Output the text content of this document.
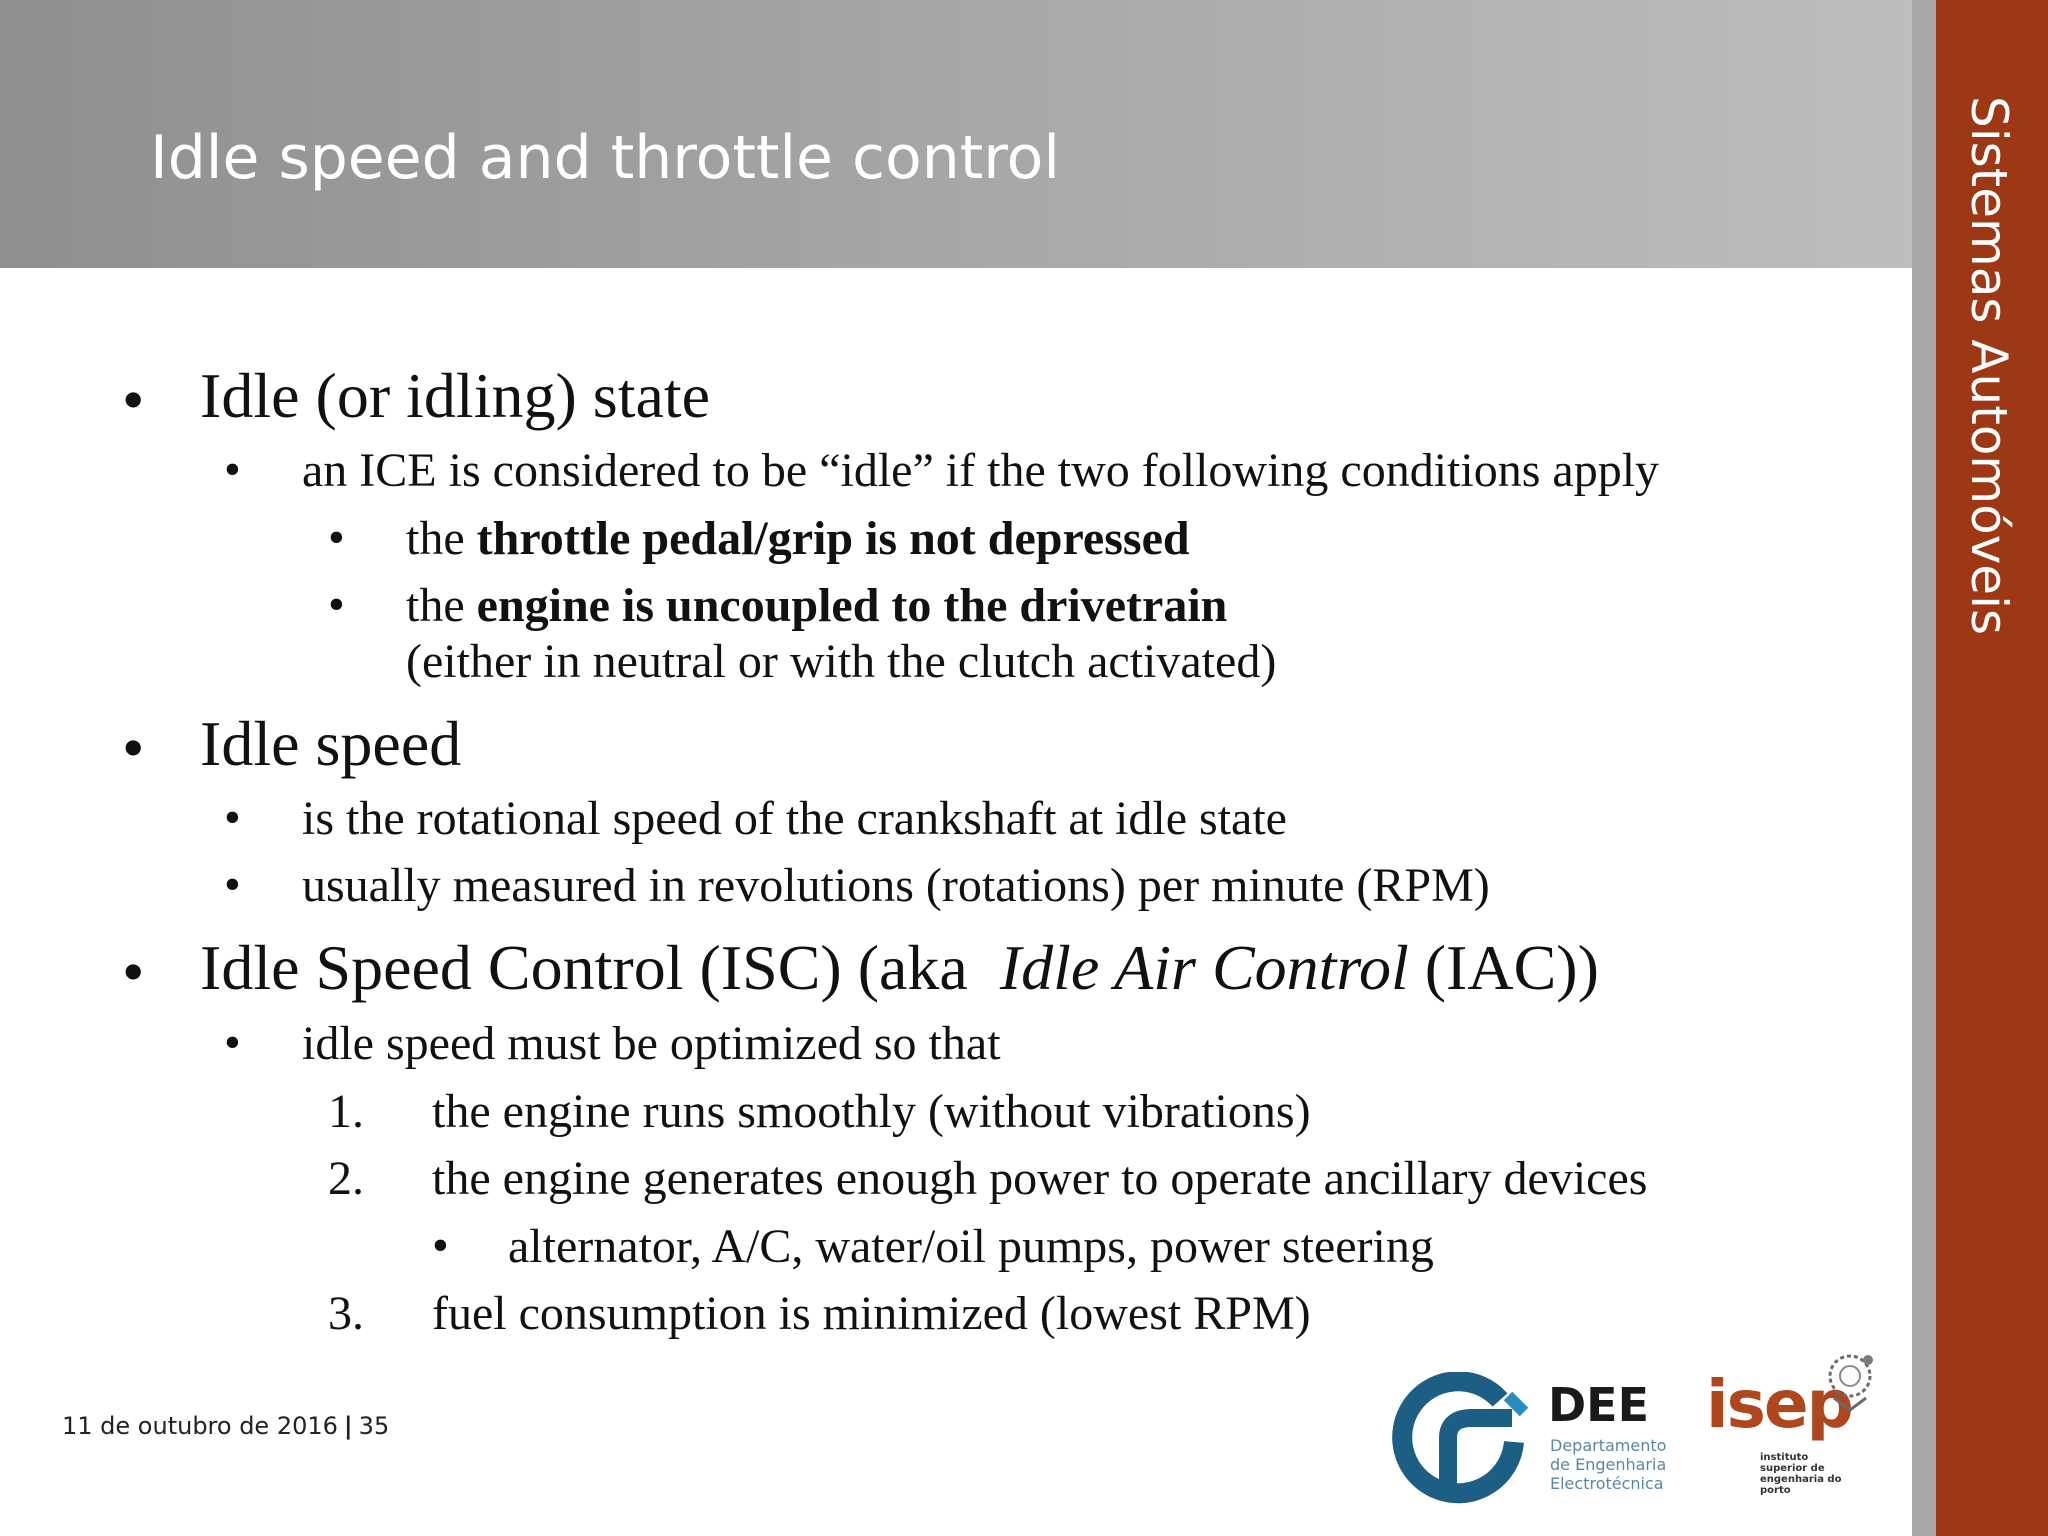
Idle speed and throttle control	Sistemas Automóveis
• Idle (or idling) state
• an ICE is considered to be “idle” if the two following conditions apply
• the throttle pedal/grip is not depressed
• the engine is uncoupled to the drivetrain
(either in neutral or with the clutch activated)
• Idle speed
• is the rotational speed of the crankshaft at idle state
• usually measured in revolutions (rotations) per minute (RPM)
• Idle Speed Control (ISC) (aka Idle Air Control (IAC))
• idle speed must be optimized so that
1. the engine runs smoothly (without vibrations)
2. the engine generates enough power to operate ancillary devices
• alternator, A/C, water/oil pumps, power steering
3. fuel consumption is minimized (lowest RPM)
11 de outubro de 2016 | 35	DEE
Departamento
de Engenharia
Electrotécnica
isep
instituto
superior de
engenharia do
porto
